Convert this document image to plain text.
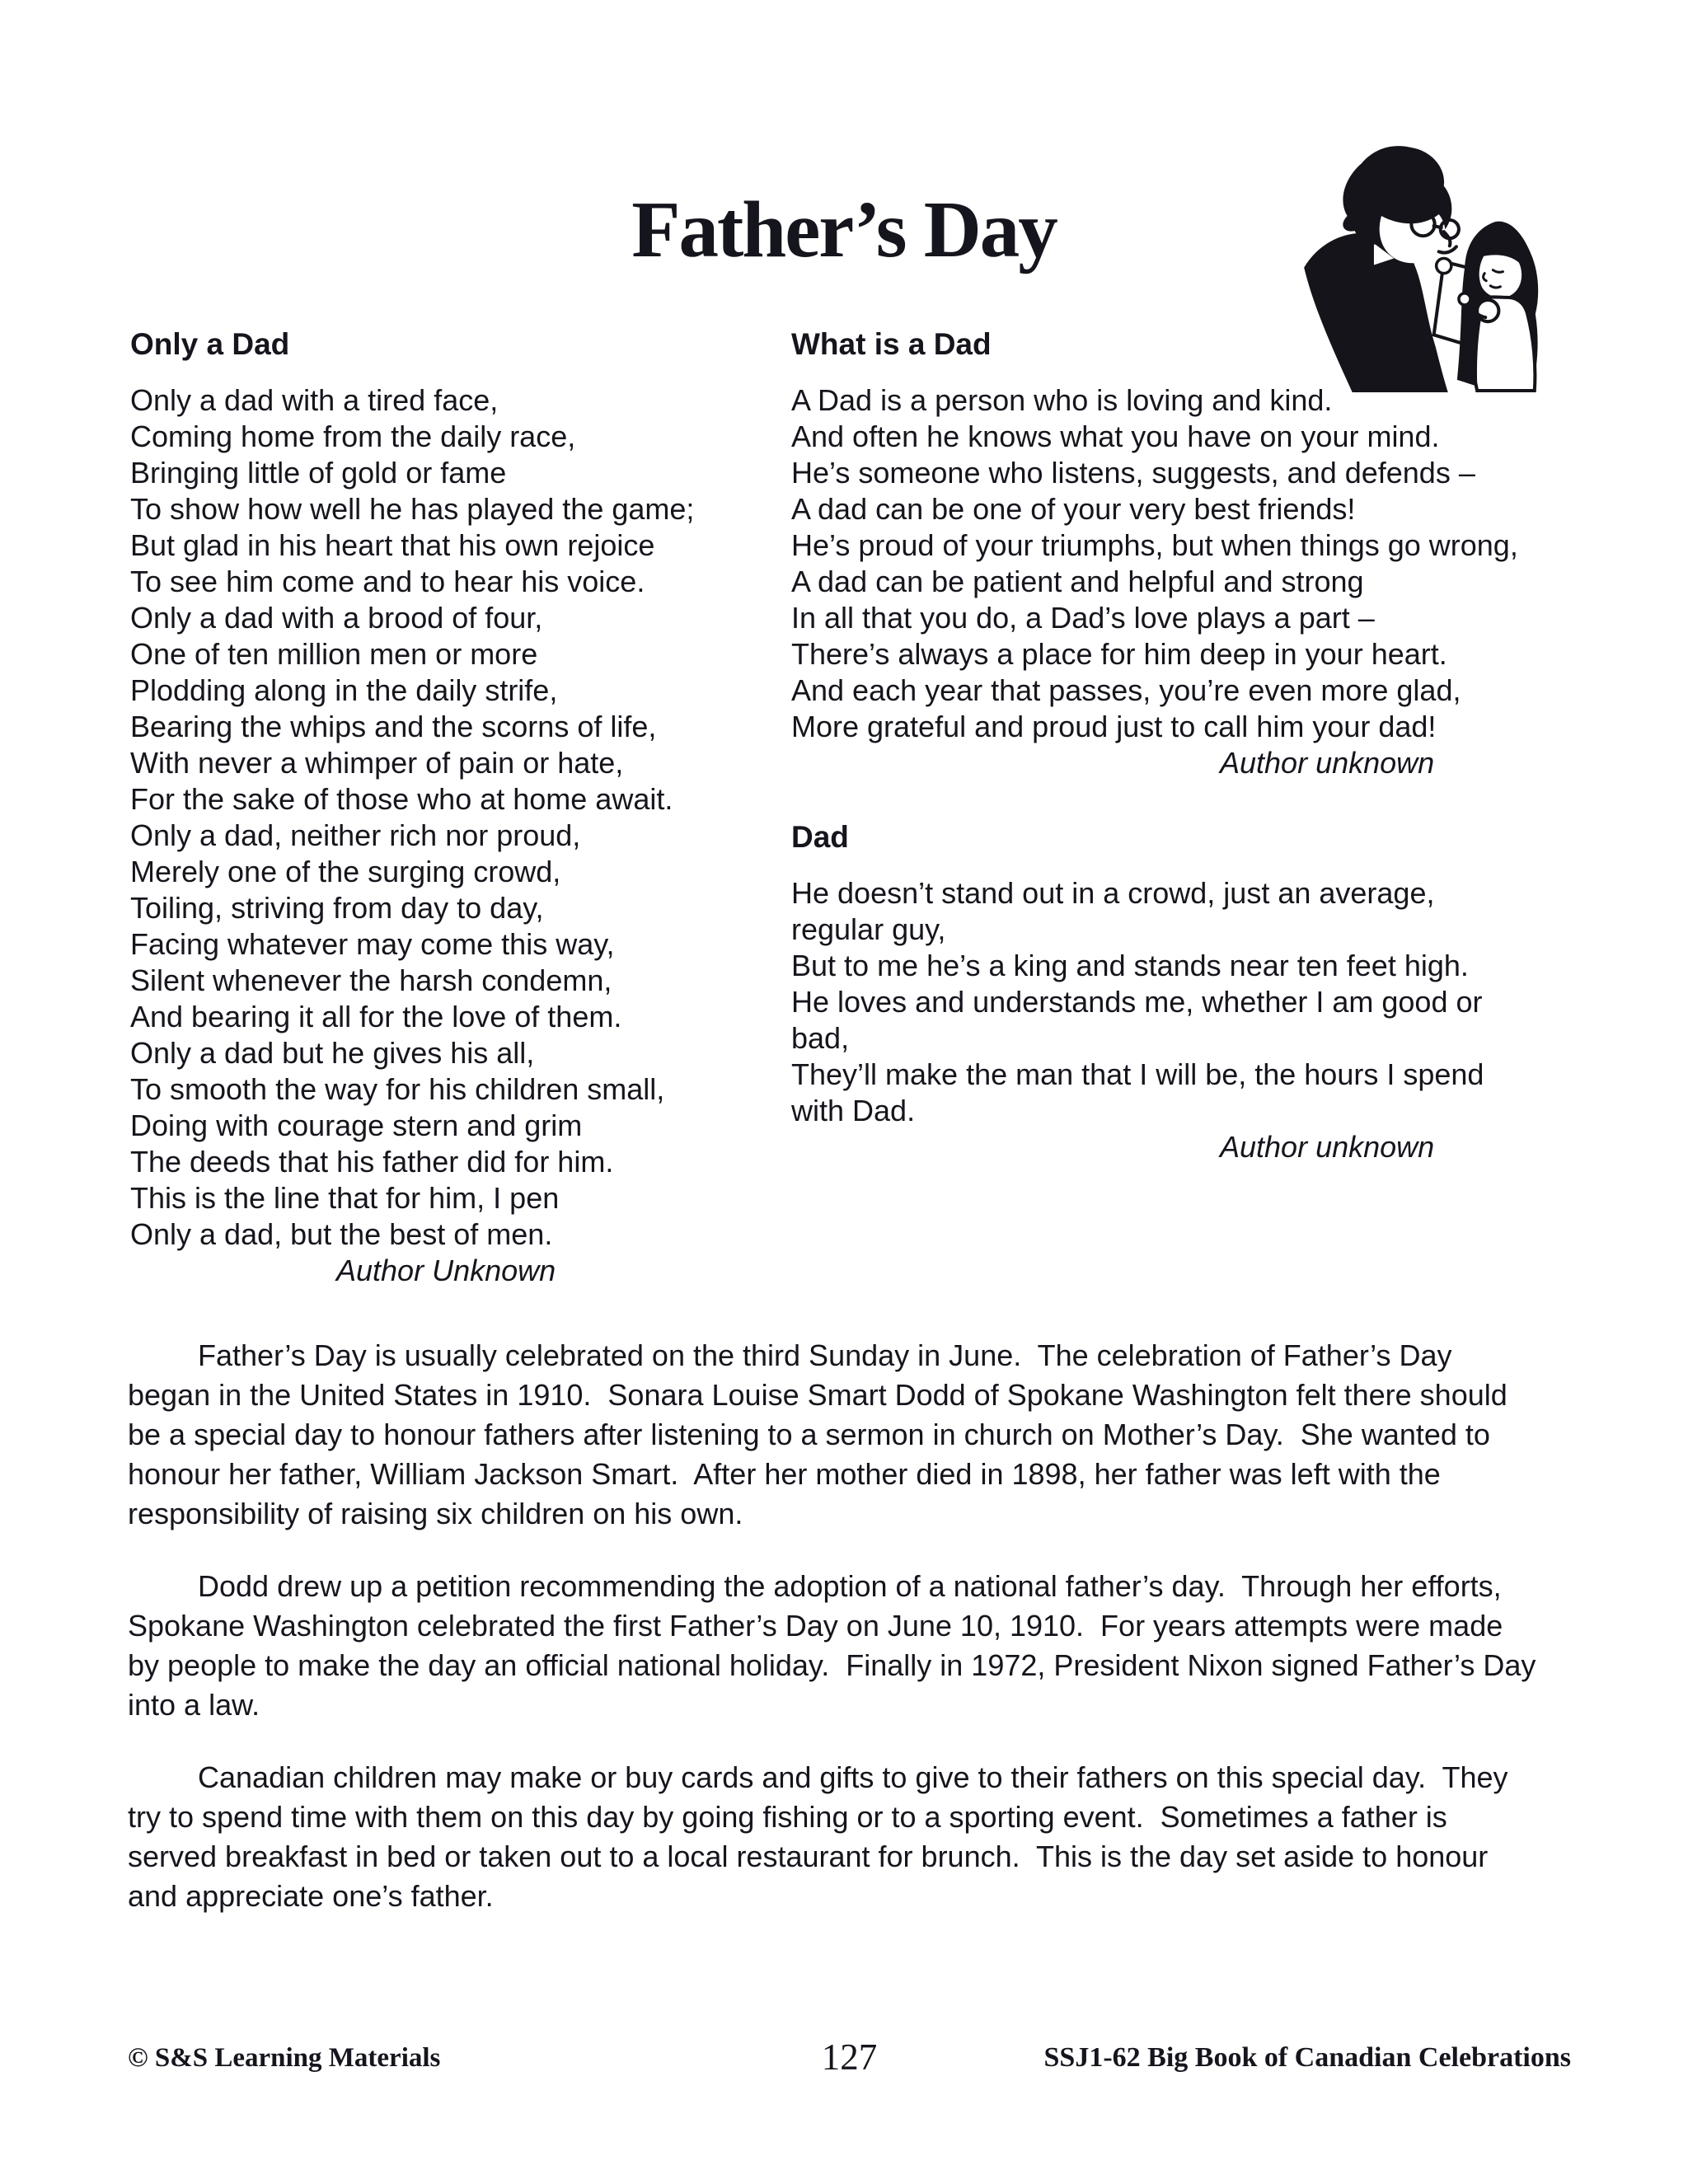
Father’s Day
Only a Dad
Only a dad with a tired face,
Coming home from the daily race,
Bringing little of gold or fame
To show how well he has played the game;
But glad in his heart that his own rejoice
To see him come and to hear his voice.
Only a dad with a brood of four,
One of ten million men or more
Plodding along in the daily strife,
Bearing the whips and the scorns of life,
With never a whimper of pain or hate,
For the sake of those who at home await.
Only a dad, neither rich nor proud,
Merely one of the surging crowd,
Toiling, striving from day to day,
Facing whatever may come this way,
Silent whenever the harsh condemn,
And bearing it all for the love of them.
Only a dad but he gives his all,
To smooth the way for his children small,
Doing with courage stern and grim
The deeds that his father did for him.
This is the line that for him, I pen
Only a dad, but the best of men.
Author Unknown
What is a Dad
A Dad is a person who is loving and kind.
And often he knows what you have on your mind.
He’s someone who listens, suggests, and defends –
A dad can be one of your very best friends!
He’s proud of your triumphs, but when things go wrong,
A dad can be patient and helpful and strong
In all that you do, a Dad’s love plays a part –
There’s always a place for him deep in your heart.
And each year that passes, you’re even more glad,
More grateful and proud just to call him your dad!
Author unknown
Dad
He doesn’t stand out in a crowd, just an average,
regular guy,
But to me he’s a king and stands near ten feet high.
He loves and understands me, whether I am good or
bad,
They’ll make the man that I will be, the hours I spend
with Dad.
Author unknown

Father’s Day is usually celebrated on the third Sunday in June.  The celebration of Father’s Day began in the United States in 1910.  Sonara Louise Smart Dodd of Spokane Washington felt there should be a special day to honour fathers after listening to a sermon in church on Mother’s Day.  She wanted to honour her father, William Jackson Smart.  After her mother died in 1898, her father was left with the responsibility of raising six children on his own.

Dodd drew up a petition recommending the adoption of a national father’s day.  Through her efforts, Spokane Washington celebrated the first Father’s Day on June 10, 1910.  For years attempts were made by people to make the day an official national holiday.  Finally in 1972, President Nixon signed Father’s Day into a law.

Canadian children may make or buy cards and gifts to give to their fathers on this special day.  They try to spend time with them on this day by going fishing or to a sporting event.  Sometimes a father is served breakfast in bed or taken out to a local restaurant for brunch.  This is the day set aside to honour and appreciate one’s father.

© S&S Learning Materials	127	SSJ1-62 Big Book of Canadian Celebrations
